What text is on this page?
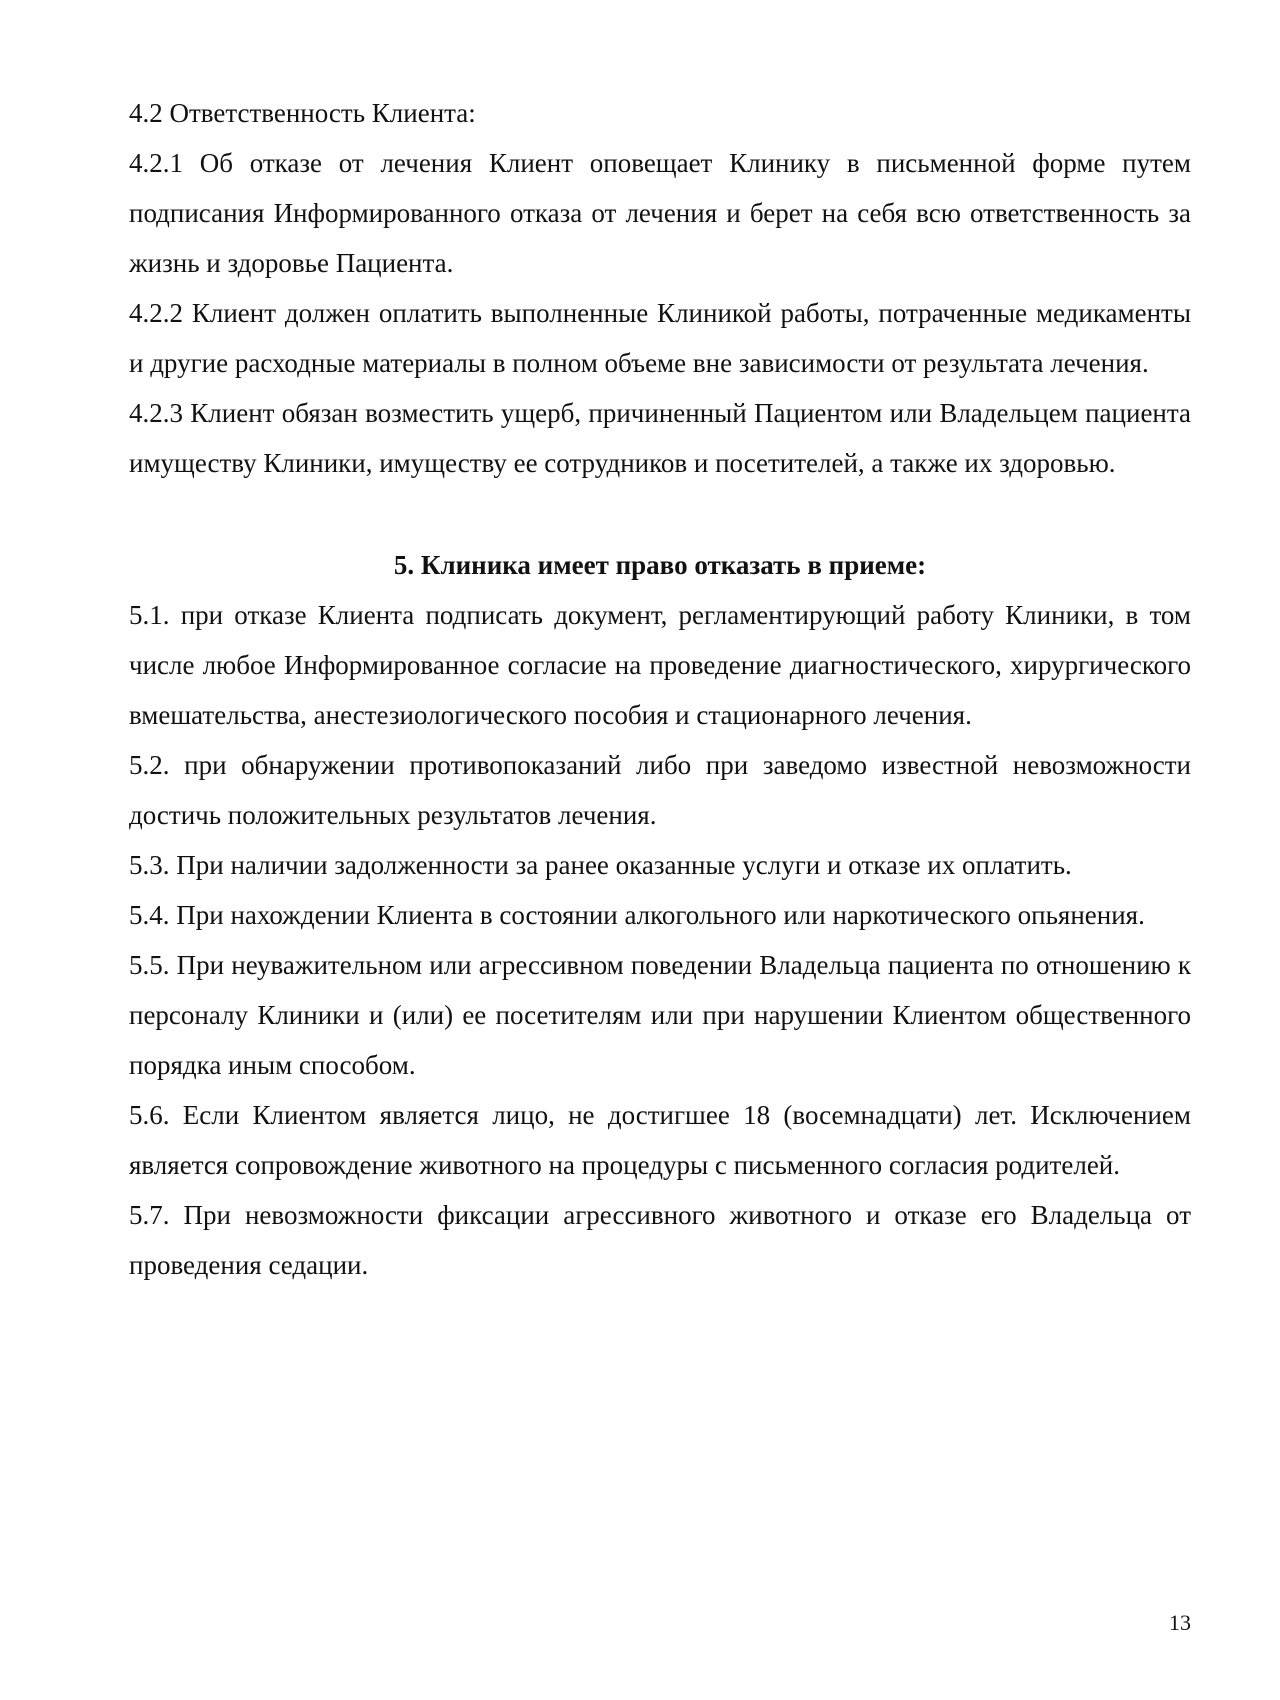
4.2 Ответственность Клиента:

4.2.1 Об отказе от лечения Клиент оповещает Клинику в письменной форме путем подписания Информированного отказа от лечения и берет на себя всю ответственность за жизнь и здоровье Пациента.

4.2.2 Клиент должен оплатить выполненные Клиникой работы, потраченные медикаменты и другие расходные материалы в полном объеме вне зависимости от результата лечения.

4.2.3 Клиент обязан возместить ущерб, причиненный Пациентом или Владельцем пациента имуществу Клиники, имуществу ее сотрудников и посетителей, а также их здоровью.

5. Клиника имеет право отказать в приеме:

5.1. при отказе Клиента подписать документ, регламентирующий работу Клиники, в том числе любое Информированное согласие на проведение диагностического, хирургического вмешательства, анестезиологического пособия и стационарного лечения.

5.2. при обнаружении противопоказаний либо при заведомо известной невозможности достичь положительных результатов лечения.

5.3. При наличии задолженности за ранее оказанные услуги и отказе их оплатить.

5.4. При нахождении Клиента в состоянии алкогольного или наркотического опьянения.

5.5. При неуважительном или агрессивном поведении Владельца пациента по отношению к персоналу Клиники и (или) ее посетителям или при нарушении Клиентом общественного порядка иным способом.

5.6. Если Клиентом является лицо, не достигшее 18 (восемнадцати) лет. Исключением является сопровождение животного на процедуры с письменного согласия родителей.

5.7. При невозможности фиксации агрессивного животного и отказе его Владельца от проведения седации.

13
